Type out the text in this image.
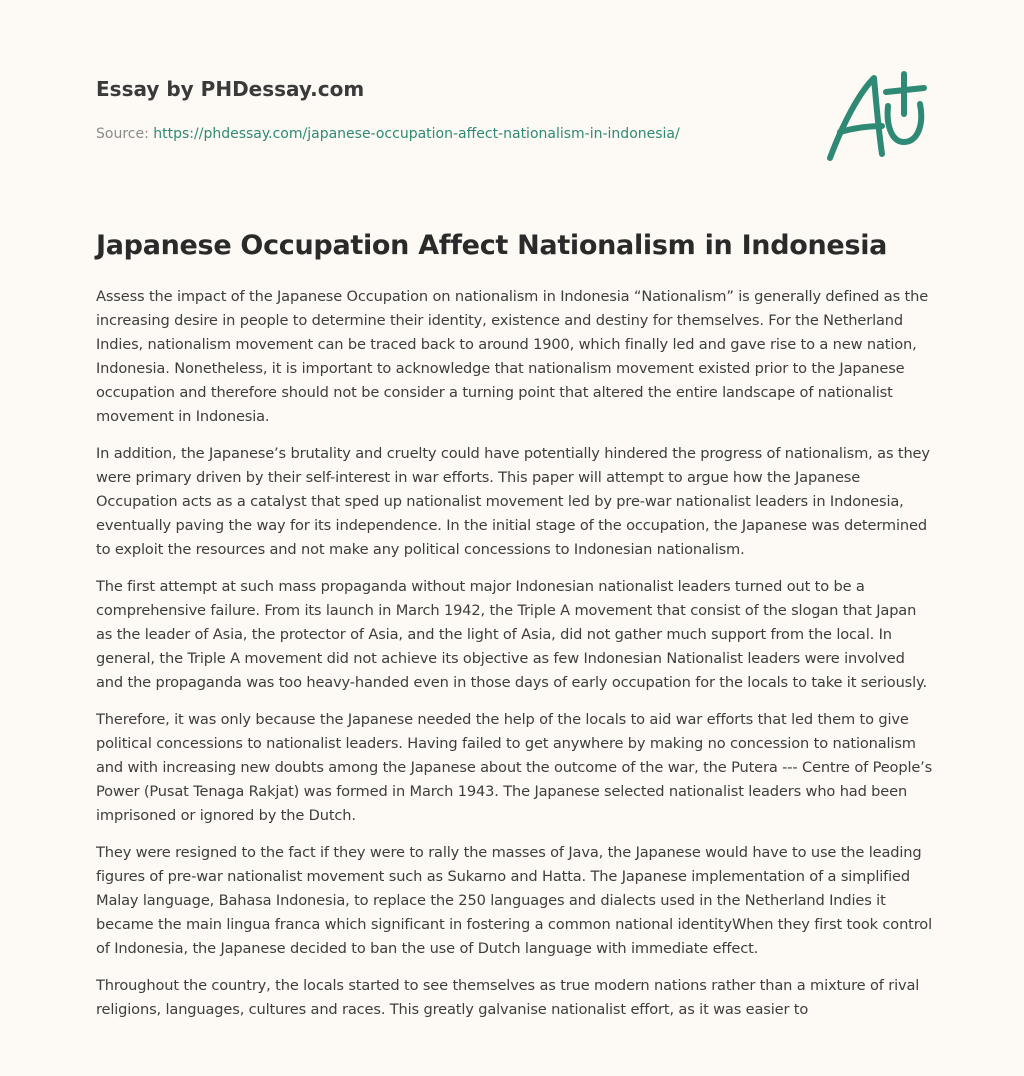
Essay by PHDessay.com
Source: https://phdessay.com/japanese-occupation-affect-nationalism-in-indonesia/
Japanese Occupation Affect Nationalism in Indonesia

Assess the impact of the Japanese Occupation on nationalism in Indonesia “Nationalism” is generally defined as the increasing desire in people to determine their identity, existence and destiny for themselves. For the Netherland Indies, nationalism movement can be traced back to around 1900, which finally led and gave rise to a new nation, Indonesia. Nonetheless, it is important to acknowledge that nationalism movement existed prior to the Japanese occupation and therefore should not be consider a turning point that altered the entire landscape of nationalist movement in Indonesia.

In addition, the Japanese’s brutality and cruelty could have potentially hindered the progress of nationalism, as they were primary driven by their self-interest in war efforts. This paper will attempt to argue how the Japanese Occupation acts as a catalyst that sped up nationalist movement led by pre-war nationalist leaders in Indonesia, eventually paving the way for its independence. In the initial stage of the occupation, the Japanese was determined to exploit the resources and not make any political concessions to Indonesian nationalism.

The first attempt at such mass propaganda without major Indonesian nationalist leaders turned out to be a comprehensive failure. From its launch in March 1942, the Triple A movement that consist of the slogan that Japan as the leader of Asia, the protector of Asia, and the light of Asia, did not gather much support from the local. In general, the Triple A movement did not achieve its objective as few Indonesian Nationalist leaders were involved and the propaganda was too heavy-handed even in those days of early occupation for the locals to take it seriously.

Therefore, it was only because the Japanese needed the help of the locals to aid war efforts that led them to give political concessions to nationalist leaders. Having failed to get anywhere by making no concession to nationalism and with increasing new doubts among the Japanese about the outcome of the war, the Putera --- Centre of People’s Power (Pusat Tenaga Rakjat) was formed in March 1943. The Japanese selected nationalist leaders who had been imprisoned or ignored by the Dutch.

They were resigned to the fact if they were to rally the masses of Java, the Japanese would have to use the leading figures of pre-war nationalist movement such as Sukarno and Hatta. The Japanese implementation of a simplified Malay language, Bahasa Indonesia, to replace the 250 languages and dialects used in the Netherland Indies it became the main lingua franca which significant in fostering a common national identityWhen they first took control of Indonesia, the Japanese decided to ban the use of Dutch language with immediate effect.

Throughout the country, the locals started to see themselves as true modern nations rather than a mixture of rival religions, languages, cultures and races. This greatly galvanise nationalist effort, as it was easier to
